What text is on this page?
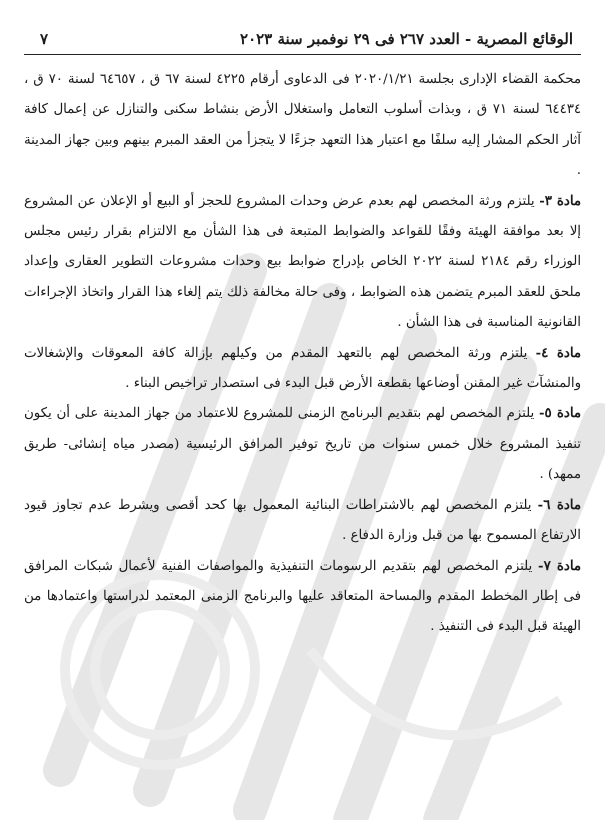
الوقائع المصرية - العدد ٢٦٧ فى ٢٩ نوفمبر سنة ٢٠٢٣
٧

محكمة القضاء الإدارى بجلسة ٢٠٢٠/١/٢١ فى الدعاوى أرقام ٤٢٢٥ لسنة ٦٧ ق ، ٦٤٦٥٧ لسنة ٧٠ ق ، ٦٤٤٣٤ لسنة ٧١ ق ، وبذات أسلوب التعامل واستغلال الأرض بنشاط سكنى والتنازل عن إعمال كافة آثار الحكم المشار إليه سلفًا مع اعتبار هذا التعهد جزءًا لا يتجزأ من العقد المبرم بينهم وبين جهاز المدينة .

مادة ٣- يلتزم ورثة المخصص لهم بعدم عرض وحدات المشروع للحجز أو البيع أو الإعلان عن المشروع إلا بعد موافقة الهيئة وفقًا للقواعد والضوابط المتبعة فى هذا الشأن مع الالتزام بقرار رئيس مجلس الوزراء رقم ٢١٨٤ لسنة ٢٠٢٢ الخاص بإدراج ضوابط بيع وحدات مشروعات التطوير العقارى وإعداد ملحق للعقد المبرم يتضمن هذه الضوابط ، وفى حالة مخالفة ذلك يتم إلغاء هذا القرار واتخاذ الإجراءات القانونية المناسبة فى هذا الشأن .

مادة ٤- يلتزم ورثة المخصص لهم بالتعهد المقدم من وكيلهم بإزالة كافة المعوقات والإشغالات والمنشآت غير المقنن أوضاعها بقطعة الأرض قبل البدء فى استصدار تراخيص البناء .

مادة ٥- يلتزم المخصص لهم بتقديم البرنامج الزمنى للمشروع للاعتماد من جهاز المدينة على أن يكون تنفيذ المشروع خلال خمس سنوات من تاريخ توفير المرافق الرئيسية (مصدر مياه إنشائى- طريق ممهد) .

مادة ٦- يلتزم المخصص لهم بالاشتراطات البنائية المعمول بها كحد أقصى ويشرط عدم تجاوز قيود الارتفاع المسموح بها من قبل وزارة الدفاع .

مادة ٧- يلتزم المخصص لهم بتقديم الرسومات التنفيذية والمواصفات الفنية لأعمال شبكات المرافق فى إطار المخطط المقدم والمساحة المتعاقد عليها والبرنامج الزمنى المعتمد لدراستها واعتمادها من الهيئة قبل البدء فى التنفيذ .
